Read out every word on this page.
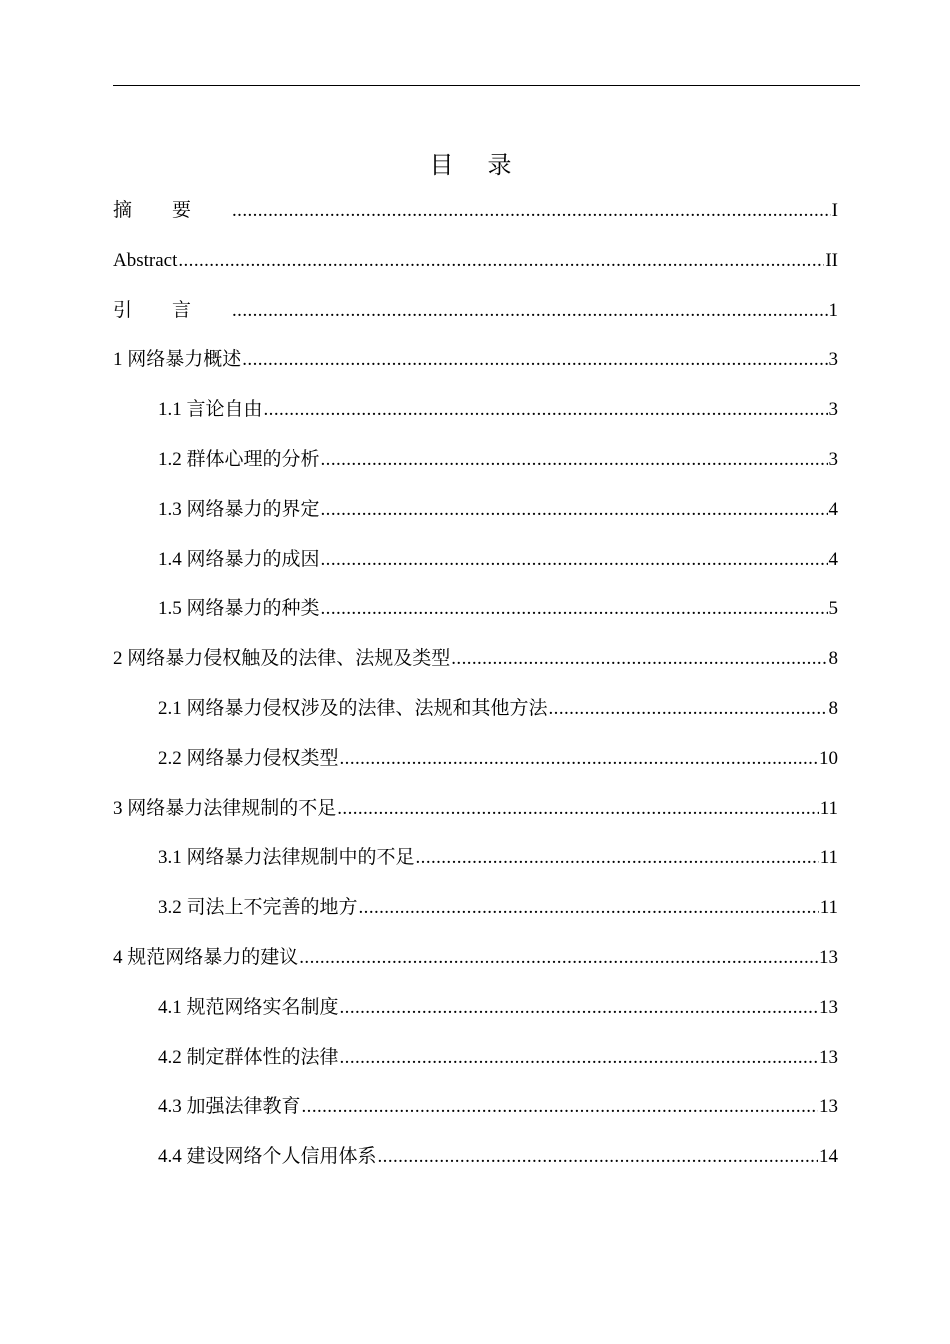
目录
摘要 .....	I
Abstract .....	II
引言 .....	1
1 网络暴力概述 .....	3
1.1 言论自由 .....	3
1.2 群体心理的分析 .....	3
1.3 网络暴力的界定 .....	4
1.4 网络暴力的成因 .....	4
1.5 网络暴力的种类 .....	5
2 网络暴力侵权触及的法律、法规及类型 .....	8
2.1 网络暴力侵权涉及的法律、法规和其他方法 .....	8
2.2 网络暴力侵权类型 .....	10
3 网络暴力法律规制的不足 .....	11
3.1 网络暴力法律规制中的不足 .....	11
3.2 司法上不完善的地方 .....	11
4 规范网络暴力的建议 .....	13
4.1 规范网络实名制度 .....	13
4.2 制定群体性的法律 .....	13
4.3 加强法律教育 .....	13
4.4 建设网络个人信用体系 .....	14
